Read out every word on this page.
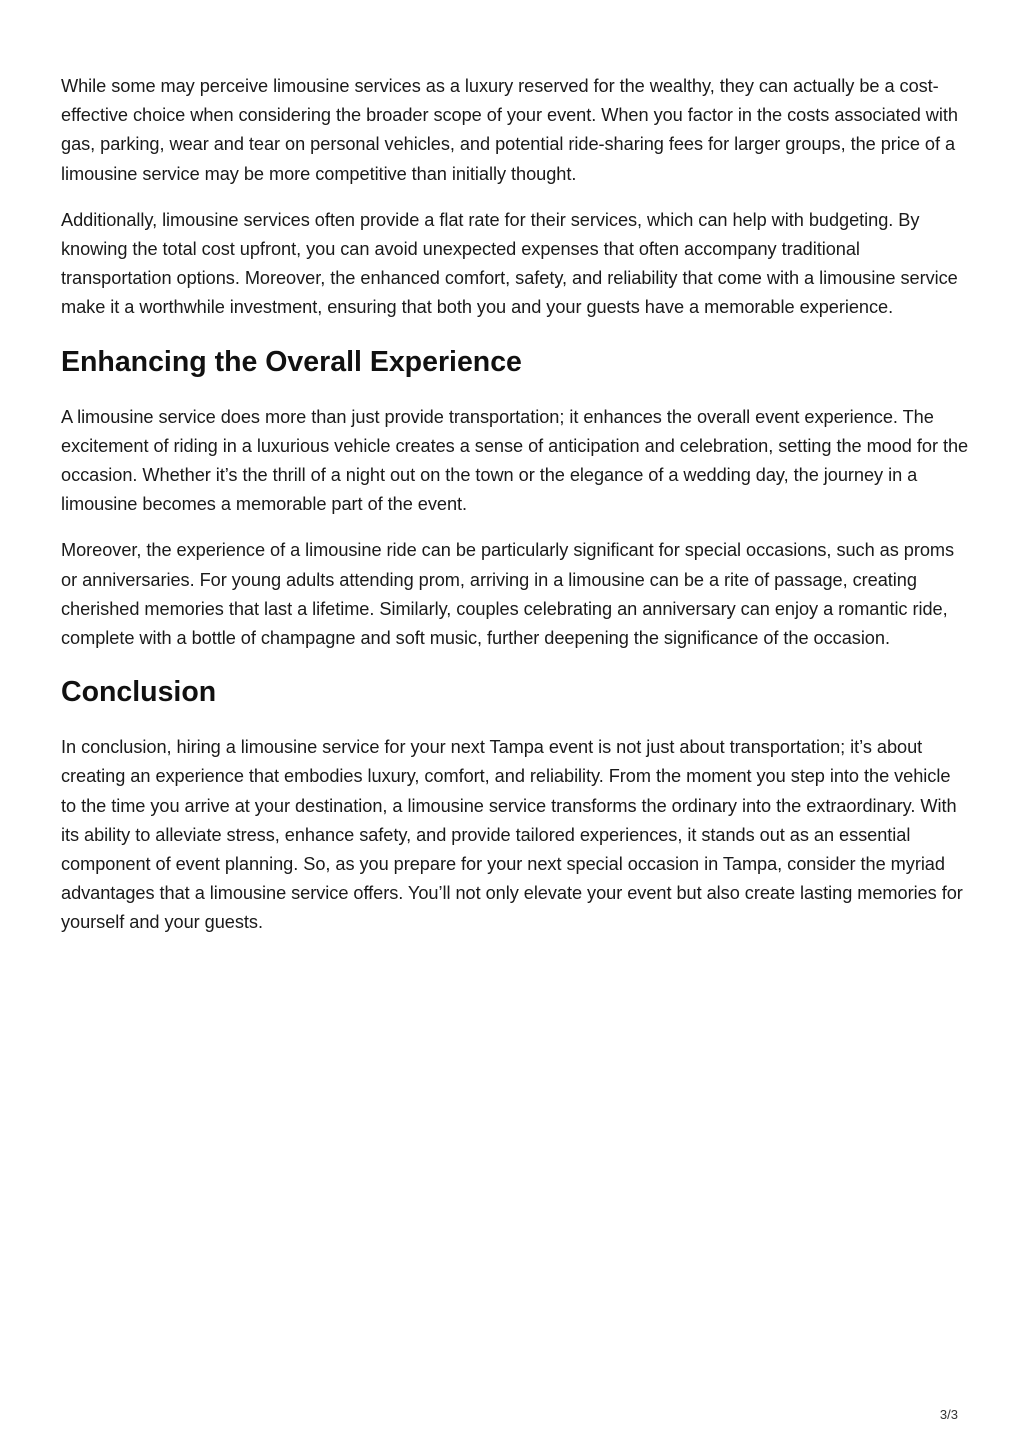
While some may perceive limousine services as a luxury reserved for the wealthy, they can actually be a cost-effective choice when considering the broader scope of your event. When you factor in the costs associated with gas, parking, wear and tear on personal vehicles, and potential ride-sharing fees for larger groups, the price of a limousine service may be more competitive than initially thought.

Additionally, limousine services often provide a flat rate for their services, which can help with budgeting. By knowing the total cost upfront, you can avoid unexpected expenses that often accompany traditional transportation options. Moreover, the enhanced comfort, safety, and reliability that come with a limousine service make it a worthwhile investment, ensuring that both you and your guests have a memorable experience.

Enhancing the Overall Experience

A limousine service does more than just provide transportation; it enhances the overall event experience. The excitement of riding in a luxurious vehicle creates a sense of anticipation and celebration, setting the mood for the occasion. Whether it’s the thrill of a night out on the town or the elegance of a wedding day, the journey in a limousine becomes a memorable part of the event.

Moreover, the experience of a limousine ride can be particularly significant for special occasions, such as proms or anniversaries. For young adults attending prom, arriving in a limousine can be a rite of passage, creating cherished memories that last a lifetime. Similarly, couples celebrating an anniversary can enjoy a romantic ride, complete with a bottle of champagne and soft music, further deepening the significance of the occasion.

Conclusion

In conclusion, hiring a limousine service for your next Tampa event is not just about transportation; it’s about creating an experience that embodies luxury, comfort, and reliability. From the moment you step into the vehicle to the time you arrive at your destination, a limousine service transforms the ordinary into the extraordinary. With its ability to alleviate stress, enhance safety, and provide tailored experiences, it stands out as an essential component of event planning. So, as you prepare for your next special occasion in Tampa, consider the myriad advantages that a limousine service offers. You’ll not only elevate your event but also create lasting memories for yourself and your guests.

3/3
